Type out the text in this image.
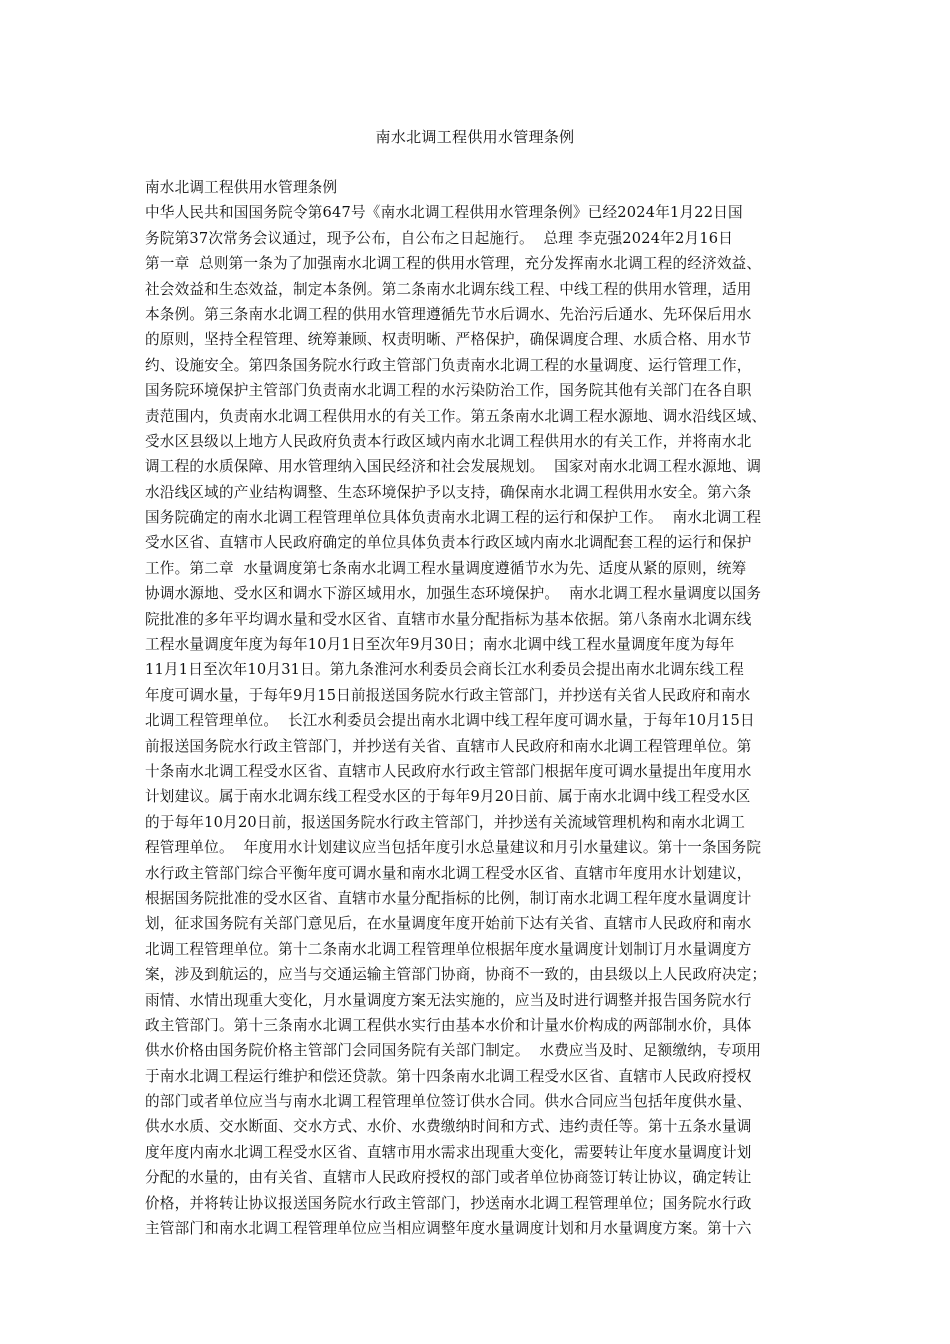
南水北调工程供用水管理条例
南水北调工程供用水管理条例
中华人民共和国国务院令第647号《南水北调工程供用水管理条例》已经2024年1月22日国
务院第37次常务会议通过，现予公布，自公布之日起施行。  总理 李克强2024年2月16日
第一章  总则第一条为了加强南水北调工程的供用水管理，充分发挥南水北调工程的经济效益、
社会效益和生态效益，制定本条例。第二条南水北调东线工程、中线工程的供用水管理，适用
本条例。第三条南水北调工程的供用水管理遵循先节水后调水、先治污后通水、先环保后用水
的原则，坚持全程管理、统筹兼顾、权责明晰、严格保护，确保调度合理、水质合格、用水节
约、设施安全。第四条国务院水行政主管部门负责南水北调工程的水量调度、运行管理工作，
国务院环境保护主管部门负责南水北调工程的水污染防治工作，国务院其他有关部门在各自职
责范围内，负责南水北调工程供用水的有关工作。第五条南水北调工程水源地、调水沿线区域、
受水区县级以上地方人民政府负责本行政区域内南水北调工程供用水的有关工作，并将南水北
调工程的水质保障、用水管理纳入国民经济和社会发展规划。  国家对南水北调工程水源地、调
水沿线区域的产业结构调整、生态环境保护予以支持，确保南水北调工程供用水安全。第六条
国务院确定的南水北调工程管理单位具体负责南水北调工程的运行和保护工作。  南水北调工程
受水区省、直辖市人民政府确定的单位具体负责本行政区域内南水北调配套工程的运行和保护
工作。第二章  水量调度第七条南水北调工程水量调度遵循节水为先、适度从紧的原则，统筹
协调水源地、受水区和调水下游区域用水，加强生态环境保护。  南水北调工程水量调度以国务
院批准的多年平均调水量和受水区省、直辖市水量分配指标为基本依据。第八条南水北调东线
工程水量调度年度为每年10月1日至次年9月30日；南水北调中线工程水量调度年度为每年
11月1日至次年10月31日。第九条淮河水利委员会商长江水利委员会提出南水北调东线工程
年度可调水量，于每年9月15日前报送国务院水行政主管部门，并抄送有关省人民政府和南水
北调工程管理单位。  长江水利委员会提出南水北调中线工程年度可调水量，于每年10月15日
前报送国务院水行政主管部门，并抄送有关省、直辖市人民政府和南水北调工程管理单位。第
十条南水北调工程受水区省、直辖市人民政府水行政主管部门根据年度可调水量提出年度用水
计划建议。属于南水北调东线工程受水区的于每年9月20日前、属于南水北调中线工程受水区
的于每年10月20日前，报送国务院水行政主管部门，并抄送有关流域管理机构和南水北调工
程管理单位。  年度用水计划建议应当包括年度引水总量建议和月引水量建议。第十一条国务院
水行政主管部门综合平衡年度可调水量和南水北调工程受水区省、直辖市年度用水计划建议，
根据国务院批准的受水区省、直辖市水量分配指标的比例，制订南水北调工程年度水量调度计
划，征求国务院有关部门意见后，在水量调度年度开始前下达有关省、直辖市人民政府和南水
北调工程管理单位。第十二条南水北调工程管理单位根据年度水量调度计划制订月水量调度方
案，涉及到航运的，应当与交通运输主管部门协商，协商不一致的，由县级以上人民政府决定；
雨情、水情出现重大变化，月水量调度方案无法实施的，应当及时进行调整并报告国务院水行
政主管部门。第十三条南水北调工程供水实行由基本水价和计量水价构成的两部制水价，具体
供水价格由国务院价格主管部门会同国务院有关部门制定。  水费应当及时、足额缴纳，专项用
于南水北调工程运行维护和偿还贷款。第十四条南水北调工程受水区省、直辖市人民政府授权
的部门或者单位应当与南水北调工程管理单位签订供水合同。供水合同应当包括年度供水量、
供水水质、交水断面、交水方式、水价、水费缴纳时间和方式、违约责任等。第十五条水量调
度年度内南水北调工程受水区省、直辖市用水需求出现重大变化，需要转让年度水量调度计划
分配的水量的，由有关省、直辖市人民政府授权的部门或者单位协商签订转让协议，确定转让
价格，并将转让协议报送国务院水行政主管部门，抄送南水北调工程管理单位；国务院水行政
主管部门和南水北调工程管理单位应当相应调整年度水量调度计划和月水量调度方案。第十六
